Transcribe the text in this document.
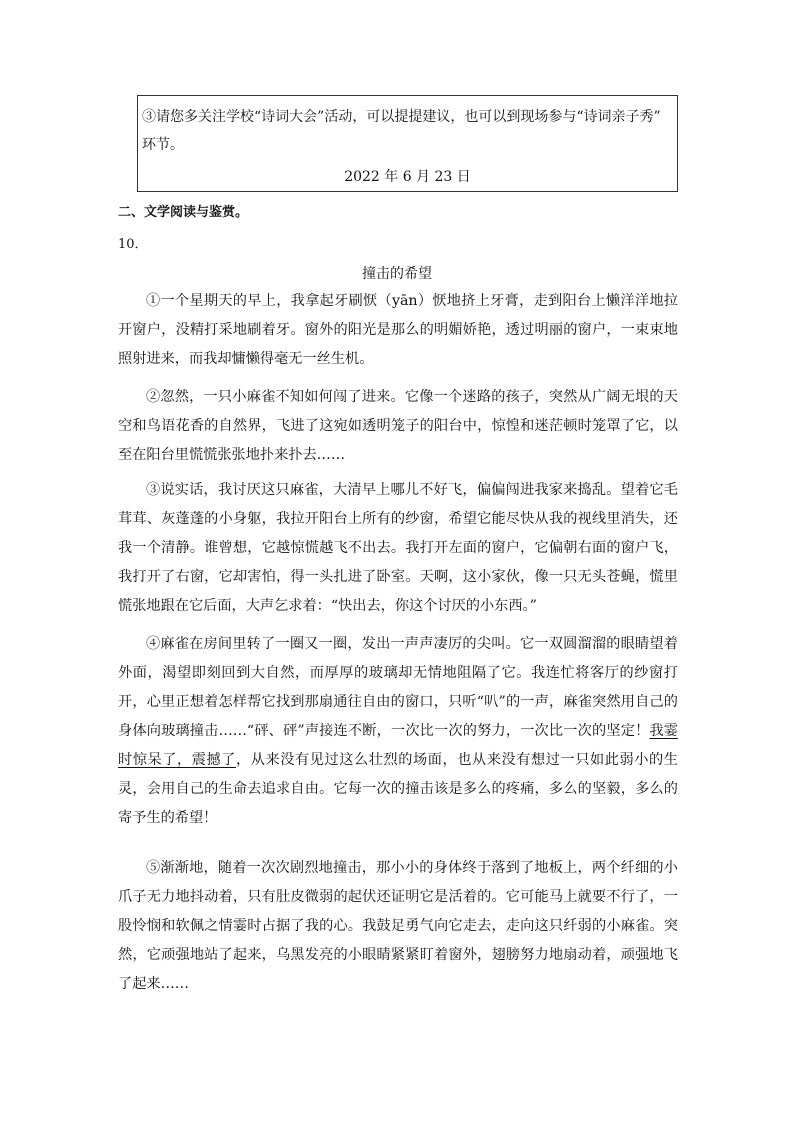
③请您多关注学校“诗词大会”活动，可以提提建议，也可以到现场参与“诗词亲子秀”
环节。
2022 年 6 月 23 日
二、文学阅读与鉴赏。
10．
撞击的希望
①一个星期天的早上，我拿起牙刷恹（yān）恹地挤上牙膏，走到阳台上懒洋洋地拉开窗户，没精打采地刷着牙。窗外的阳光是那么的明媚娇艳，透过明丽的窗户，一束束地照射进来，而我却慵懒得毫无一丝生机。
②忽然，一只小麻雀不知如何闯了进来。它像一个迷路的孩子，突然从广阔无垠的天空和鸟语花香的自然界，飞进了这宛如透明笼子的阳台中，惊惶和迷茫顿时笼罩了它，以至在阳台里慌慌张张地扑来扑去……
③说实话，我讨厌这只麻雀，大清早上哪儿不好飞，偏偏闯进我家来捣乱。望着它毛茸茸、灰蓬蓬的小身躯，我拉开阳台上所有的纱窗，希望它能尽快从我的视线里消失，还我一个清静。谁曾想，它越惊慌越飞不出去。我打开左面的窗户，它偏朝右面的窗户飞，我打开了右窗，它却害怕，得一头扎进了卧室。天啊，这小家伙，像一只无头苍蝇，慌里慌张地跟在它后面，大声乞求着：“快出去，你这个讨厌的小东西。”
④麻雀在房间里转了一圈又一圈，发出一声声凄厉的尖叫。它一双圆溜溜的眼睛望着外面，渴望即刻回到大自然，而厚厚的玻璃却无情地阻隔了它。我连忙将客厅的纱窗打开，心里正想着怎样帮它找到那扇通往自由的窗口，只听“叭”的一声，麻雀突然用自己的身体向玻璃撞击……“砰、砰”声接连不断，一次比一次的努力，一次比一次的坚定！我霎时惊呆了，震撼了，从来没有见过这么壮烈的场面，也从来没有想过一只如此弱小的生灵，会用自己的生命去追求自由。它每一次的撞击该是多么的疼痛，多么的坚毅，多么的寄予生的希望！
⑤渐渐地，随着一次次剧烈地撞击，那小小的身体终于落到了地板上，两个纤细的小爪子无力地抖动着，只有肚皮微弱的起伏还证明它是活着的。它可能马上就要不行了，一股怜悯和软佩之情霎时占据了我的心。我鼓足勇气向它走去，走向这只纤弱的小麻雀。突然，它顽强地站了起来，乌黑发亮的小眼睛紧紧盯着窗外，翅膀努力地扇动着，顽强地飞了起来……
